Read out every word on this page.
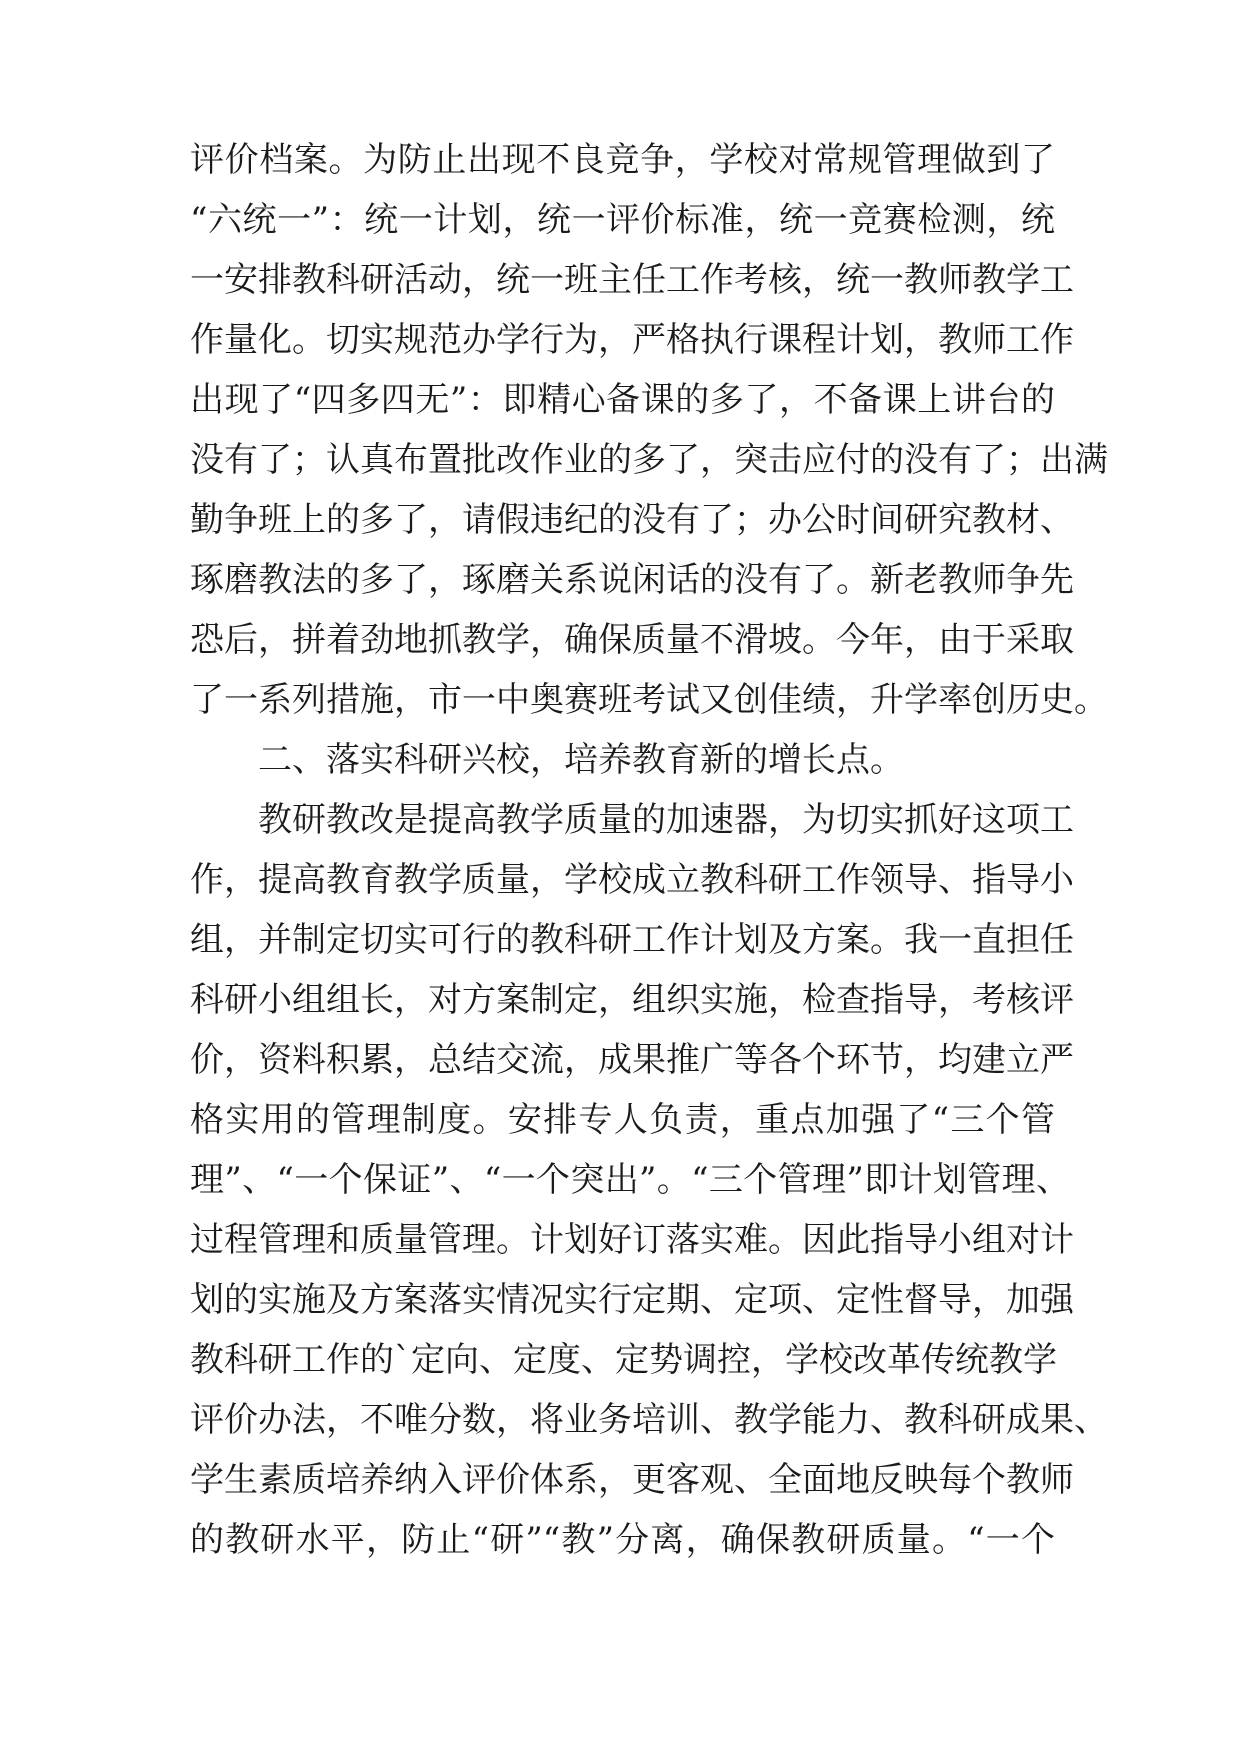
评价档案。为防止出现不良竞争，学校对常规管理做到了
“六统一”：统一计划，统一评价标准，统一竞赛检测，统
一安排教科研活动，统一班主任工作考核，统一教师教学工
作量化。切实规范办学行为，严格执行课程计划，教师工作
出现了“四多四无”：即精心备课的多了，不备课上讲台的
没有了；认真布置批改作业的多了，突击应付的没有了；出满
勤争班上的多了，请假违纪的没有了；办公时间研究教材、
琢磨教法的多了，琢磨关系说闲话的没有了。新老教师争先
恐后，拼着劲地抓教学，确保质量不滑坡。今年，由于采取
了一系列措施，市一中奥赛班考试又创佳绩，升学率创历史。
二、落实科研兴校，培养教育新的增长点。
教研教改是提高教学质量的加速器，为切实抓好这项工
作，提高教育教学质量，学校成立教科研工作领导、指导小
组，并制定切实可行的教科研工作计划及方案。我一直担任
科研小组组长，对方案制定，组织实施，检查指导，考核评
价，资料积累，总结交流，成果推广等各个环节，均建立严
格实用的管理制度。安排专人负责，重点加强了“三个管
理”、“一个保证”、“一个突出”。“三个管理”即计划管理、
过程管理和质量管理。计划好订落实难。因此指导小组对计
划的实施及方案落实情况实行定期、定项、定性督导，加强
教科研工作的`定向、定度、定势调控，学校改革传统教学
评价办法，不唯分数，将业务培训、教学能力、教科研成果、
学生素质培养纳入评价体系，更客观、全面地反映每个教师
的教研水平，防止“研”“教”分离，确保教研质量。“一个
